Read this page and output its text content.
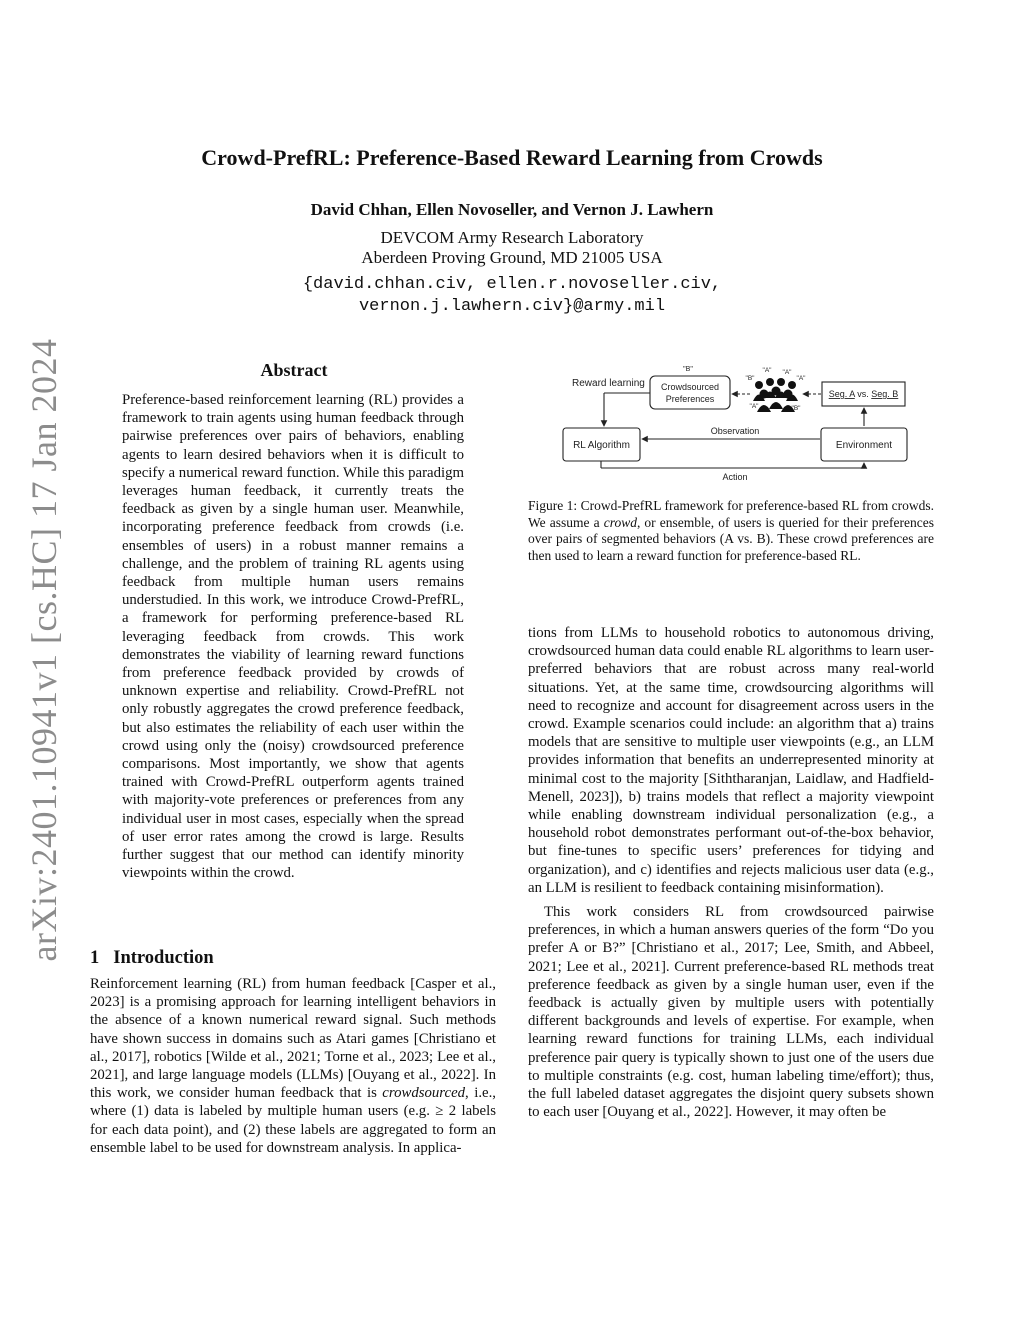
arXiv:2401.10941v1 [cs.HC] 17 Jan 2024
Crowd-PrefRL: Preference-Based Reward Learning from Crowds
David Chhan, Ellen Novoseller, and Vernon J. Lawhern
DEVCOM Army Research Laboratory
Aberdeen Proving Ground, MD 21005 USA
{david.chhan.civ, ellen.r.novoseller.civ,
vernon.j.lawhern.civ}@army.mil
Abstract
Preference-based reinforcement learning (RL) provides a framework to train agents using human feedback through pairwise preferences over pairs of behaviors, enabling agents to learn desired behaviors when it is difficult to specify a numerical reward function. While this paradigm leverages human feedback, it currently treats the feedback as given by a single human user. Meanwhile, incorporating preference feedback from crowds (i.e. ensembles of users) in a robust manner remains a challenge, and the problem of training RL agents using feedback from multiple human users remains understudied. In this work, we introduce Crowd-PrefRL, a framework for performing preference-based RL leveraging feedback from crowds. This work demonstrates the viability of learning reward functions from preference feedback provided by crowds of unknown expertise and reliability. Crowd-PrefRL not only robustly aggregates the crowd preference feedback, but also estimates the reliability of each user within the crowd using only the (noisy) crowdsourced preference comparisons. Most importantly, we show that agents trained with Crowd-PrefRL outperform agents trained with majority-vote preferences or preferences from any individual user in most cases, especially when the spread of user error rates among the crowd is large. Results further suggest that our method can identify minority viewpoints within the crowd.
1 Introduction
Reinforcement learning (RL) from human feedback [Casper et al., 2023] is a promising approach for learning intelligent behaviors in the absence of a known numerical reward signal. Such methods have shown success in domains such as Atari games [Christiano et al., 2017], robotics [Wilde et al., 2021; Torne et al., 2023; Lee et al., 2021], and large language models (LLMs) [Ouyang et al., 2022]. In this work, we consider human feedback that is crowdsourced, i.e., where (1) data is labeled by multiple human users (e.g. ≥ 2 labels for each data point), and (2) these labels are aggregated to form an ensemble label to be used for downstream analysis. In applica-
Reward learning Crowdsourced
Preferences
"B"	"A" "A"
"B"	"A"
"A"	"B"
Seg. A vs. Seg. B
RL Algorithm	Environment
Observation
Action
Figure 1: Crowd-PrefRL framework for preference-based RL from crowds. We assume a crowd, or ensemble, of users is queried for their preferences over pairs of segmented behaviors (A vs. B). These crowd preferences are then used to learn a reward function for preference-based RL.

tions from LLMs to household robotics to autonomous driving, crowdsourced human data could enable RL algorithms to learn user-preferred behaviors that are robust across many real-world situations. Yet, at the same time, crowdsourcing algorithms will need to recognize and account for disagreement across users in the crowd. Example scenarios could include: an algorithm that a) trains models that are sensitive to multiple user viewpoints (e.g., an LLM provides information that benefits an underrepresented minority at minimal cost to the majority [Siththaranjan, Laidlaw, and Hadfield-Menell, 2023]), b) trains models that reflect a majority viewpoint while enabling downstream individual personalization (e.g., a household robot demonstrates performant out-of-the-box behavior, but fine-tunes to specific users’ preferences for tidying and organization), and c) identifies and rejects malicious user data (e.g., an LLM is resilient to feedback containing misinformation).

This work considers RL from crowdsourced pairwise preferences, in which a human answers queries of the form “Do you prefer A or B?” [Christiano et al., 2017; Lee, Smith, and Abbeel, 2021; Lee et al., 2021]. Current preference-based RL methods treat preference feedback as given by a single human user, even if the feedback is actually given by multiple users with potentially different backgrounds and levels of expertise. For example, when learning reward functions for training LLMs, each individual preference pair query is typically shown to just one of the users due to multiple constraints (e.g. cost, human labeling time/effort); thus, the full labeled dataset aggregates the disjoint query subsets shown to each user [Ouyang et al., 2022]. However, it may often be
